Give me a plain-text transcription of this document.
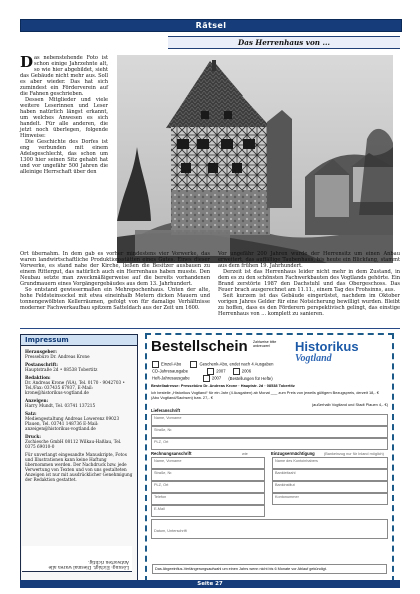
Rätsel
Das Herrenhaus von ...

Das nebenstehende Foto ist schon einige Jahrzehnte alt, so wie hier abgebildet, sieht das Gebäude nicht mehr aus. Soll es aber wieder. Das hat sich zumindest ein Förderverein auf die Fahnen geschrieben.

Dessen Mitglieder und viele weitere Leserinnen und Leser haben natürlich längst erkannt, um welches Anwesen es sich handelt. Für alle anderen, die jetzt noch überlegen, folgende Hinweise:

Die Geschichte des Dorfes ist eng verbunden mit einem Adelsgeschlecht, das schon um 1300 hier seinen Sitz gehabt hat und vor ungefähr 500 Jahren die alleinige Herrschaft über den

Ort übernahm. In dem gab es vorher mindestens vier Vorwerke, das waren landwirtschaftliche Produktionsstätten eines Gutes. Eines dieser Vorwerke, es stand nahe der Kirche, ließen die Besitzer ausbauen zu einem Rittergut, das natürlich auch ein Herrenhaus haben musste. Den Neubau setzte man zweckmäßigerweise auf die bereits vorhandenen Grundmauern eines Vorgängergebäudes aus dem 13. Jahrhundert.

So entstand gewissermaßen ein Mehrepochenhaus. Unten der alte, hohe Feldsteinsockel mit etwa eineinhalb Metern dicken Mauern und tonnengewölbten Kellerräumen, gefolgt von für damalige Verhältnisse moderner Fachwerkaufbau spitzem Satteldach aus der Zeit um 1600.

Vor ungefähr 200 Jahren wurde der Herrensitz um einen Anbau erweitert, das auffällige Taubenhaus, bis heute ein Blickfang, stammt aus dem frühen 19. Jahrhundert.

Derzeit ist das Herrenhaus leider nicht mehr in dem Zustand, in dem es zu den schönsten Fachwerkbauten des Vogtlands gehörte. Ein Brand zerstörte 1987 den Dachstuhl und das Obergeschoss. Das Feuer brach ausgerechnet am 11.11., einem Tag des Frohsinns, aus.

Seit kurzem ist das Gebäude eingerüstet, nachdem im Oktober vorigen Jahres Gelder für eine Notsicherung bewilligt wurden. Bleibt zu hoffen, dass es den Förderern perspektivisch gelingt, das einstige Herrenhaus von ... komplett zu sanieren.

Impressum
Herausgeber:
Pressebüro Dr. Andreas Krone
Postanschrift:
Hauptstraße 2d • 08538 Tobertitz
Redaktion:
Dr. Andreas Krone (ViA), Tel. 0170 - 9042703 • Tel./Fax: 037435 67937, E-Mail: krone@historikus-vogtland.de
Anzeigen:
Harry Mundt, Tel. 03741 137215
Satz:
Mediengestaltung Andreas Lowerenz 09023 Plauen, Tel. 03741 148736 E-Mail: anzeigen@historikus-vogtland.de
Druck:
Zschiesche GmbH 08112 Wilkau-Haßlau, Tel. 0375 69010-0
Für unverlangt eingesandte Manuskripte, Fotos und Illustrationen kann keine Haftung übernommen werden. Der Nachdruck bzw. jede Verwertung von Texten und von uns gestalteten Anzeigen ist nur mit ausdrücklicher Genehmigung der Redaktion gestattet.
Lösung: Eichigt. Diesmal waren alle Antworten richtig.
Bestellschein	Zahlweise bitte ankreuzen!	Historikus
Vogtland
Einzel-Abo	Geschenk-Abo, endet nach 4 Ausgaben
CD-Jahresausgabe	2007	2006
Heft-Jahresausgabe	2007 (Bestellungen für Hefte)
Bestelladresse: Pressebüro Dr. Andreas Krone · Hauptstr. 2d · 08538 Tobertitz
Ich bestelle „Historikus Vogtland“ für ein Jahr (4 Ausgaben) ab Monat ___ zum Preis von jeweils gültigem Bezugspreis, derzeit 18,- € (Abo Vogtland/Sachsen) bzw. 27,- €
(außerhalb Vogtland und Stadt Plauen 4,- €)
Lieferanschrift
Name, Vorname
Straße, Nr.
PLZ, Ort
Rechnungsanschrift	wie	Einzugsermächtigung (Bankeinzug nur für Inland möglich)
Name, Vorname
Straße, Nr.
PLZ, Ort
Telefon
E-Mail
Name des Kontoinhabers
Bankleitzahl
Bankinstitut
Kontonummer
Datum, Unterschrift
Das Abgeeinflus-Verlängerungsaufwahl um einen Jahrs wenn nicht bis 6 Monate vor Ablauf gekündigt.
Seite 27
